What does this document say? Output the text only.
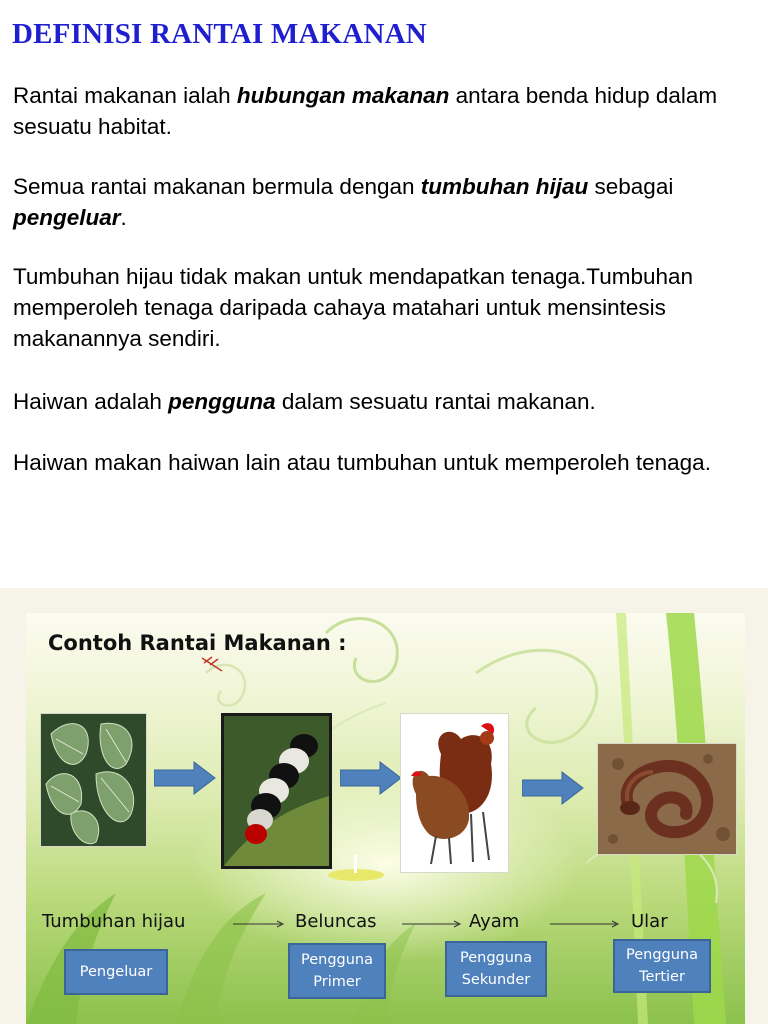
DEFINISI RANTAI MAKANAN

Rantai makanan ialah hubungan makanan antara benda hidup dalam sesuatu habitat.

Semua rantai makanan bermula dengan tumbuhan hijau sebagai pengeluar.

Tumbuhan hijau tidak makan untuk mendapatkan tenaga.Tumbuhan memperoleh tenaga daripada cahaya matahari untuk mensintesis makanannya sendiri.

Haiwan adalah pengguna dalam sesuatu rantai makanan.

Haiwan makan haiwan lain atau tumbuhan untuk memperoleh tenaga.

Contoh Rantai Makanan :

Tumbuhan hijau	Beluncas	Ayam	Ular

Pengeluar
Pengguna
Primer
Pengguna
Sekunder
Pengguna
Tertier
